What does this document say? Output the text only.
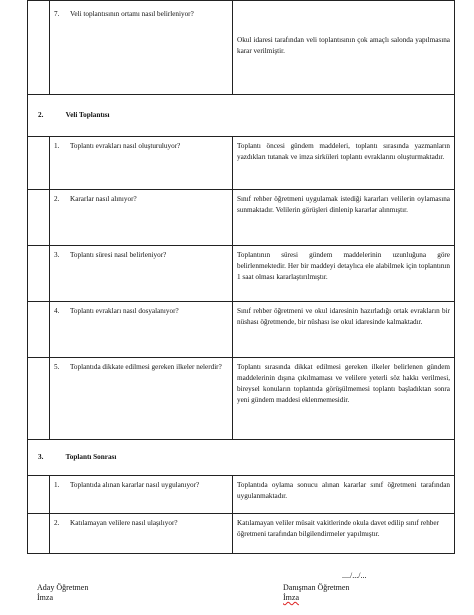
	7. Veli toplantısının ortamı nasıl belirleniyor?	Okul idaresi tarafından veli toplantısının çok amaçlı salonda yapılmasına karar verilmiştir.
2. Veli Toplantısı		

	1. Toplantı evrakları nasıl oluşturuluyor?	Toplantı öncesi gündem maddeleri, toplantı sırasında yazmanların yazdıkları tutanak ve imza sirküleri toplantı evraklarını oluşturmaktadır.

	2. Kararlar nasıl alınıyor?	Sınıf rehber öğretmeni uygulamak istediği kararları velilerin oylamasına sunmaktadır. Velilerin görüşleri dinlenip kararlar alınmıştır.

	3. Toplantı süresi nasıl belirleniyor?	Toplantının süresi gündem maddelerinin uzunluğuna göre belirlenmektedir. Her bir maddeyi detaylıca ele alabilmek için toplantının 1 saat olması kararlaştırılmıştır.

	4. Toplantı evrakları nasıl dosyalanıyor?	Sınıf rehber öğretmeni ve okul idaresinin hazırladığı ortak evrakların bir nüshası öğretmende, bir nüshası ise okul idaresinde kalmaktadır.

	5. Toplantıda dikkate edilmesi gereken ilkeler nelerdir?	Toplantı sırasında dikkat edilmesi gereken ilkeler belirlenen gündem maddelerinin dışına çıkılmaması ve velilere yeterli söz hakkı verilmesi, bireysel konuların toplantıda görüşülmemesi toplantı başladıktan sonra yeni gündem maddesi eklenmemesidir.
3. Toplantı Sonrası		

	1. Toplantıda alınan kararlar nasıl uygulanıyor?	Toplantıda oylama sonucu alınan kararlar sınıf öğretmeni tarafından uygulanmaktadır.

	2. Katılamayan velilere nasıl ulaşılıyor?	Katılamayan veliler müsait vakitlerinde okula davet edilip sınıf rehber öğretmeni tarafından bilgilendirmeler yapılmıştır.
..../.../...
Aday Öğretmen
İmza
Danışman Öğretmen
İmza
